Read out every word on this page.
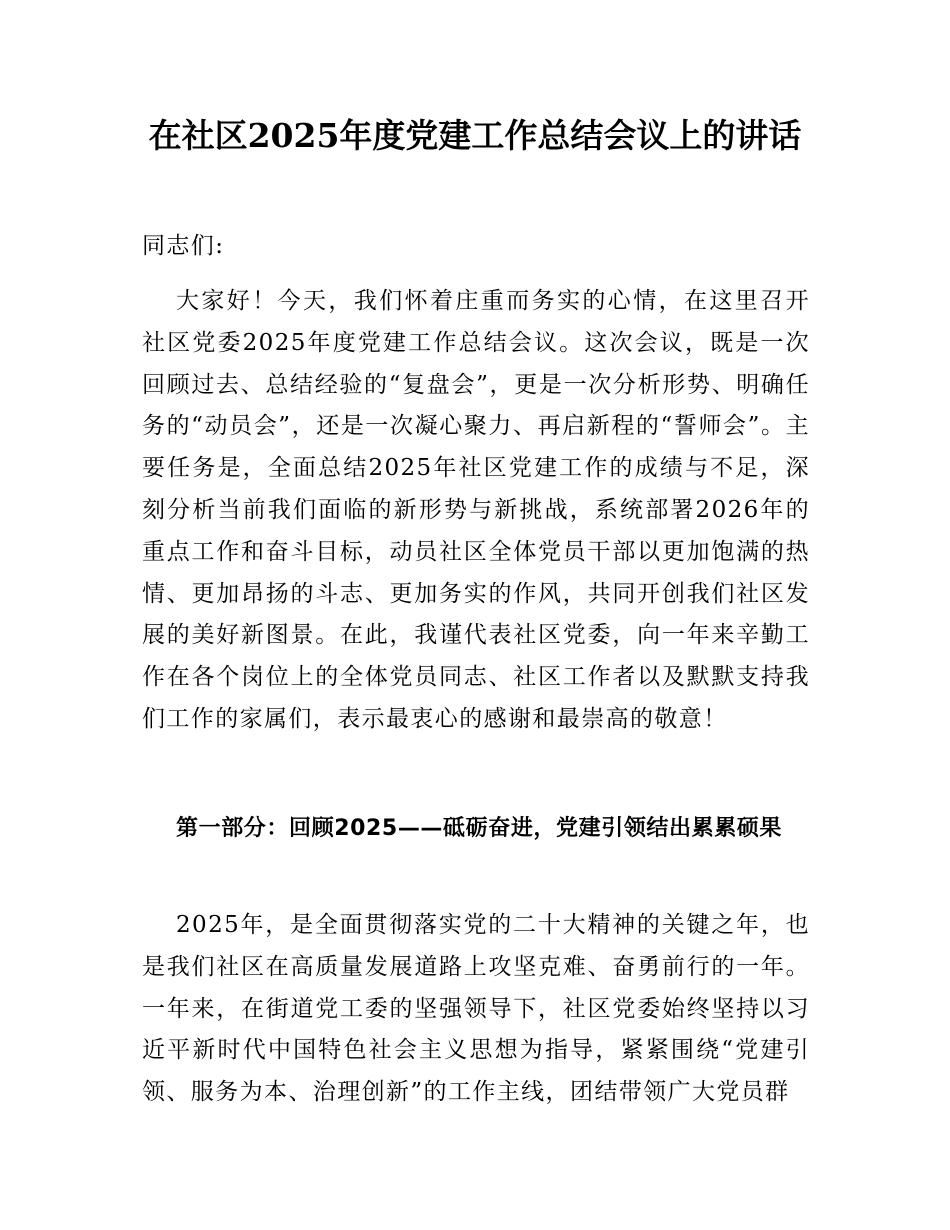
在社区2025年度党建工作总结会议上的讲话

同志们:

大家好！今天，我们怀着庄重而务实的心情，在这里召开社区党委2025年度党建工作总结会议。这次会议，既是一次回顾过去、总结经验的“复盘会”，更是一次分析形势、明确任务的“动员会”，还是一次凝心聚力、再启新程的“誓师会”。主要任务是，全面总结2025年社区党建工作的成绩与不足，深刻分析当前我们面临的新形势与新挑战，系统部署2026年的重点工作和奋斗目标，动员社区全体党员干部以更加饱满的热情、更加昂扬的斗志、更加务实的作风，共同开创我们社区发展的美好新图景。在此，我谨代表社区党委，向一年来辛勤工作在各个岗位上的全体党员同志、社区工作者以及默默支持我们工作的家属们，表示最衷心的感谢和最崇高的敬意！

第一部分：回顾2025——砥砺奋进，党建引领结出累累硕果

2025年，是全面贯彻落实党的二十大精神的关键之年，也是我们社区在高质量发展道路上攻坚克难、奋勇前行的一年。一年来，在街道党工委的坚强领导下，社区党委始终坚持以习近平新时代中国特色社会主义思想为指导，紧紧围绕“党建引领、服务为本、治理创新”的工作主线，团结带领广大党员群
